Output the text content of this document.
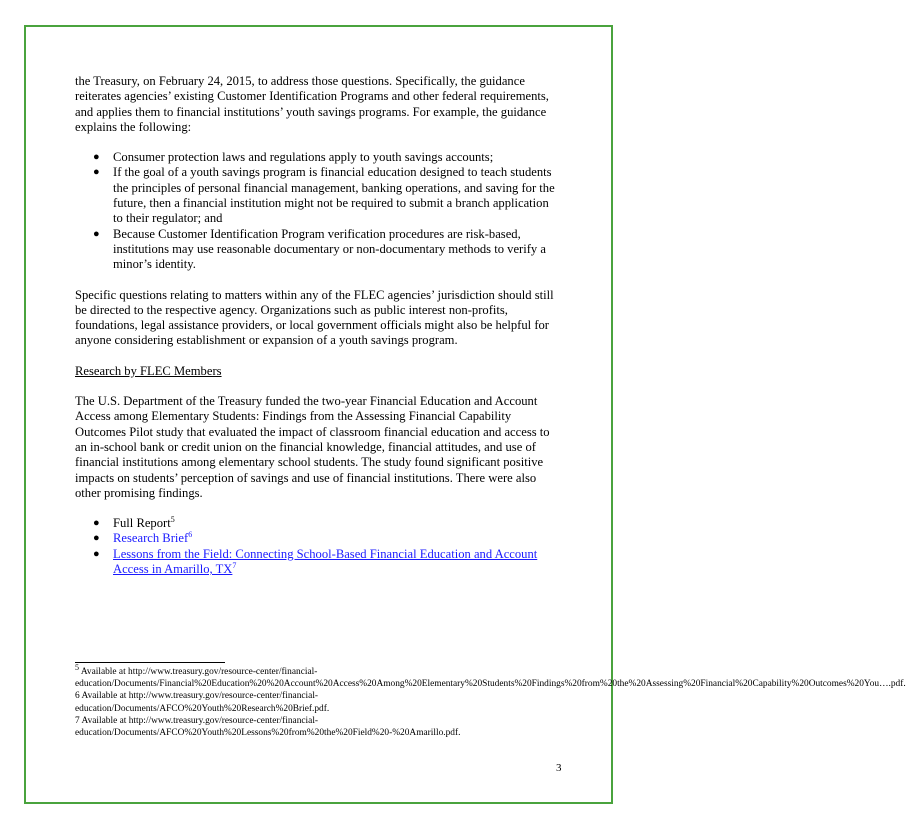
the Treasury, on February 24, 2015, to address those questions. Specifically, the guidance reiterates agencies’ existing Customer Identification Programs and other federal requirements, and applies them to financial institutions’ youth savings programs. For example, the guidance explains the following:

● Consumer protection laws and regulations apply to youth savings accounts;
● If the goal of a youth savings program is financial education designed to teach students the principles of personal financial management, banking operations, and saving for the future, then a financial institution might not be required to submit a branch application to their regulator; and
● Because Customer Identification Program verification procedures are risk-based, institutions may use reasonable documentary or non-documentary methods to verify a minor’s identity.

Specific questions relating to matters within any of the FLEC agencies’ jurisdiction should still be directed to the respective agency. Organizations such as public interest non-profits, foundations, legal assistance providers, or local government officials might also be helpful for anyone considering establishment or expansion of a youth savings program.

Research by FLEC Members

The U.S. Department of the Treasury funded the two-year Financial Education and Account Access among Elementary Students: Findings from the Assessing Financial Capability Outcomes Pilot study that evaluated the impact of classroom financial education and access to an in-school bank or credit union on the financial knowledge, financial attitudes, and use of financial institutions among elementary school students. The study found significant positive impacts on students’ perception of savings and use of financial institutions. There were also other promising findings.

● Full Report$^5$
● Research Brief$^6$
● Lessons from the Field: Connecting School-Based Financial Education and Account Access in Amarillo, $TX^7$

$^5$ Available at http://www.treasury.gov/resource-center/financial-education/Documents/Financial%20Education%20%20Account%20Access%20Among%20Elementary%20Students%20Findings%20from%20the%20Assessing%20Financial%20Capability%20Outcomes%20You….pdf.

6 Available at http://www.treasury.gov/resource-center/financial-education/Documents/AFCO%20Youth%20Research%20Brief.pdf.

7 Available at http://www.treasury.gov/resource-center/financial-education/Documents/AFCO%20Youth%20Lessons%20from%20the%20Field%20-%20Amarillo.pdf.

3
